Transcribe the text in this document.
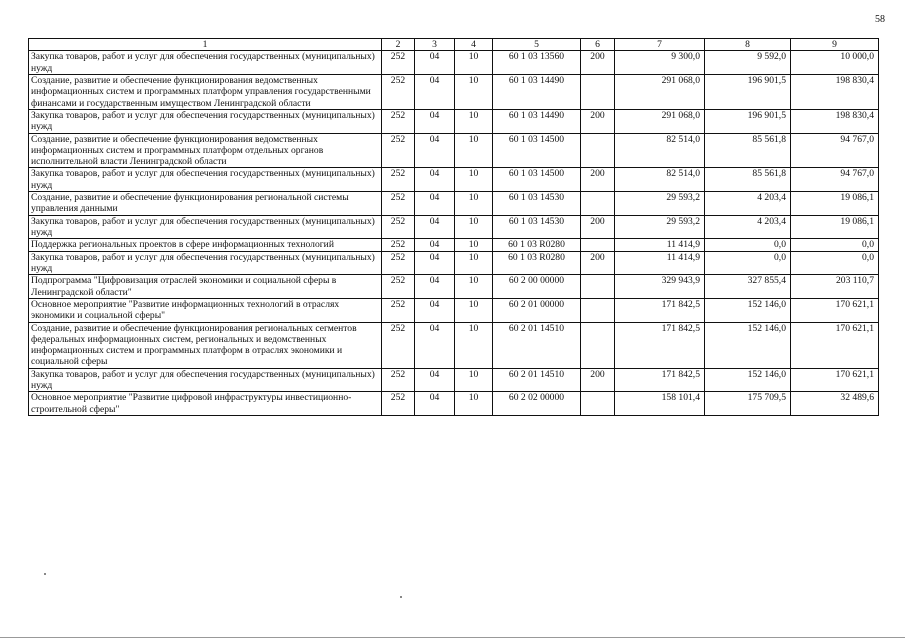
58
1	2	3	4	5	6	7	8	9
Закупка товаров, работ и услуг для обеспечения государственных (муниципальных) нужд	252	04	10	60 1 03 13560	200	9 300,0	9 592,0	10 000,0
Создание, развитие и обеспечение функционирования ведомственных информационных систем и программных платформ управления государственными финансами и государственным имуществом Ленинградской области	252	04	10	60 1 03 14490		291 068,0	196 901,5	198 830,4
Закупка товаров, работ и услуг для обеспечения государственных (муниципальных) нужд	252	04	10	60 1 03 14490	200	291 068,0	196 901,5	198 830,4
Создание, развитие и обеспечение функционирования ведомственных информационных систем и программных платформ отдельных органов исполнительной власти Ленинградской области	252	04	10	60 1 03 14500		82 514,0	85 561,8	94 767,0
Закупка товаров, работ и услуг для обеспечения государственных (муниципальных) нужд	252	04	10	60 1 03 14500	200	82 514,0	85 561,8	94 767,0
Создание, развитие и обеспечение функционирования региональной системы управления данными	252	04	10	60 1 03 14530		29 593,2	4 203,4	19 086,1
Закупка товаров, работ и услуг для обеспечения государственных (муниципальных) нужд	252	04	10	60 1 03 14530	200	29 593,2	4 203,4	19 086,1
Поддержка региональных проектов в сфере информационных технологий	252	04	10	60 1 03 R0280		11 414,9	0,0	0,0
Закупка товаров, работ и услуг для обеспечения государственных (муниципальных) нужд	252	04	10	60 1 03 R0280	200	11 414,9	0,0	0,0
Подпрограмма "Цифровизация отраслей экономики и социальной сферы в Ленинградской области"	252	04	10	60 2 00 00000		329 943,9	327 855,4	203 110,7
Основное мероприятие "Развитие информационных технологий в отраслях экономики и социальной сферы"	252	04	10	60 2 01 00000		171 842,5	152 146,0	170 621,1
Создание, развитие и обеспечение функционирования региональных сегментов федеральных информационных систем, региональных и ведомственных информационных систем и программных платформ в отраслях экономики и социальной сферы	252	04	10	60 2 01 14510		171 842,5	152 146,0	170 621,1
Закупка товаров, работ и услуг для обеспечения государственных (муниципальных) нужд	252	04	10	60 2 01 14510	200	171 842,5	152 146,0	170 621,1
Основное мероприятие "Развитие цифровой инфраструктуры инвестиционно-строительной сферы"	252	04	10	60 2 02 00000		158 101,4	175 709,5	32 489,6
